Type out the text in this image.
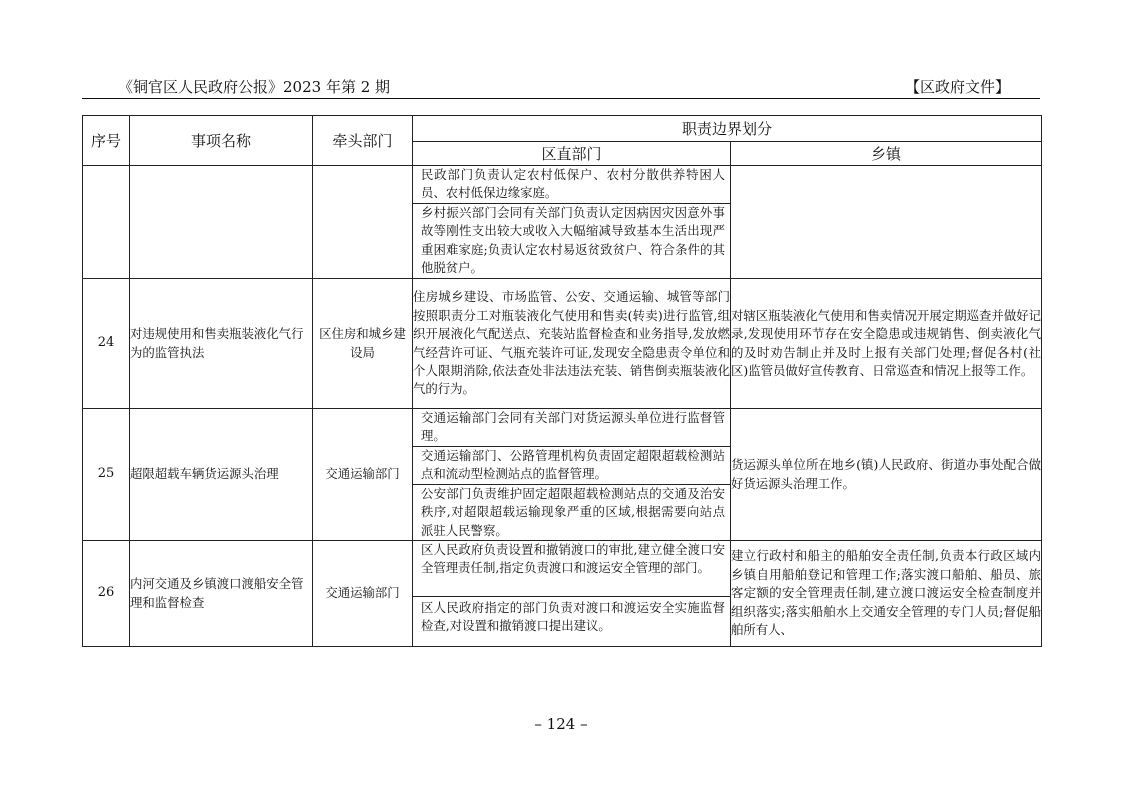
《铜官区人民政府公报》2023 年第 2 期	【区政府文件】
序号	事项名称	牵头部门	职责边界划分	
			区直部门	乡镇

			民政部门负责认定农村低保户、农村分散供养特困人员、农村低保边缘家庭。
乡村振兴部门会同有关部门负责认定因病因灾因意外事故等刚性支出较大或收入大幅缩减导致基本生活出现严重困难家庭;负责认定农村易返贫致贫户、符合条件的其他脱贫户。	

24	对违规使用和售卖瓶装液化气行为的监管执法	区住房和城乡建设局	住房城乡建设、市场监管、公安、交通运输、城管等部门按照职责分工对瓶装液化气使用和售卖(转卖)进行监管,组织开展液化气配送点、充装站监督检查和业务指导,发放燃气经营许可证、气瓶充装许可证,发现安全隐患责令单位和个人限期消除,依法查处非法违法充装、销售倒卖瓶装液化气的行为。	对辖区瓶装液化气使用和售卖情况开展定期巡查并做好记录,发现使用环节存在安全隐患或违规销售、倒卖液化气的及时劝告制止并及时上报有关部门处理;督促各村(社区)监管员做好宣传教育、日常巡查和情况上报等工作。
25	超限超载车辆货运源头治理	交通运输部门	交通运输部门会同有关部门对货运源头单位进行监督管理。
交通运输部门、公路管理机构负责固定超限超载检测站点和流动型检测站点的监督管理。
公安部门负责维护固定超限超载检测站点的交通及治安秩序,对超限超载运输现象严重的区域,根据需要向站点派驻人民警察。	货运源头单位所在地乡(镇)人民政府、街道办事处配合做好货运源头治理工作。
26	内河交通及乡镇渡口渡船安全管理和监督检查	交通运输部门	区人民政府负责设置和撤销渡口的审批,建立健全渡口安全管理责任制,指定负责渡口和渡运安全管理的部门。
区人民政府指定的部门负责对渡口和渡运安全实施监督检查,对设置和撤销渡口提出建议。	建立行政村和船主的船舶安全责任制,负责本行政区域内乡镇自用船舶登记和管理工作;落实渡口船舶、船员、旅客定额的安全管理责任制,建立渡口渡运安全检查制度并组织落实;落实船舶水上交通安全管理的专门人员;督促船舶所有人、
– 124 –
